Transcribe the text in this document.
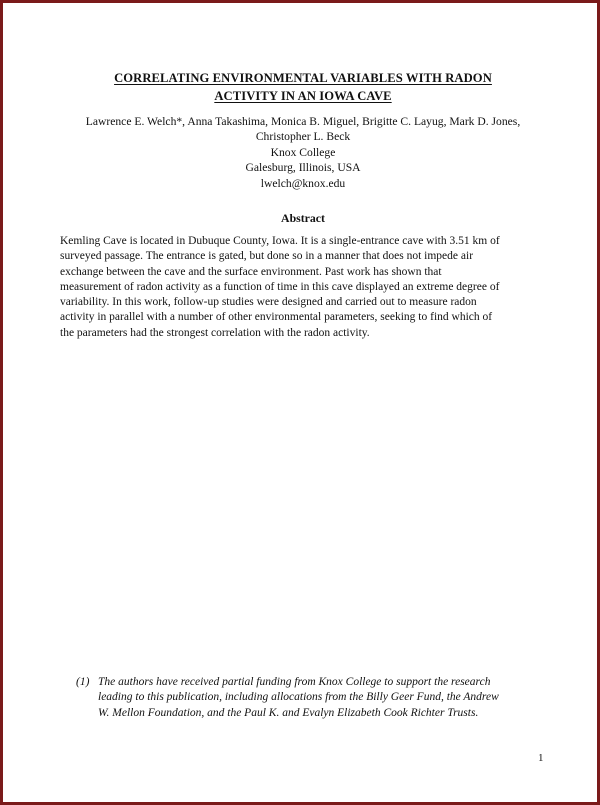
CORRELATING ENVIRONMENTAL VARIABLES WITH RADON
ACTIVITY IN AN IOWA CAVE
Lawrence E. Welch*, Anna Takashima, Monica B. Miguel, Brigitte C. Layug, Mark D. Jones,
Christopher L. Beck
Knox College
Galesburg, Illinois, USA
lwelch@knox.edu
Abstract
Kemling Cave is located in Dubuque County, Iowa. It is a single-entrance cave with 3.51 km of
surveyed passage. The entrance is gated, but done so in a manner that does not impede air
exchange between the cave and the surface environment. Past work has shown that
measurement of radon activity as a function of time in this cave displayed an extreme degree of
variability. In this work, follow-up studies were designed and carried out to measure radon
activity in parallel with a number of other environmental parameters, seeking to find which of
the parameters had the strongest correlation with the radon activity.
(1) The authors have received partial funding from Knox College to support the research
leading to this publication, including allocations from the Billy Geer Fund, the Andrew
W. Mellon Foundation, and the Paul K. and Evalyn Elizabeth Cook Richter Trusts.
1
